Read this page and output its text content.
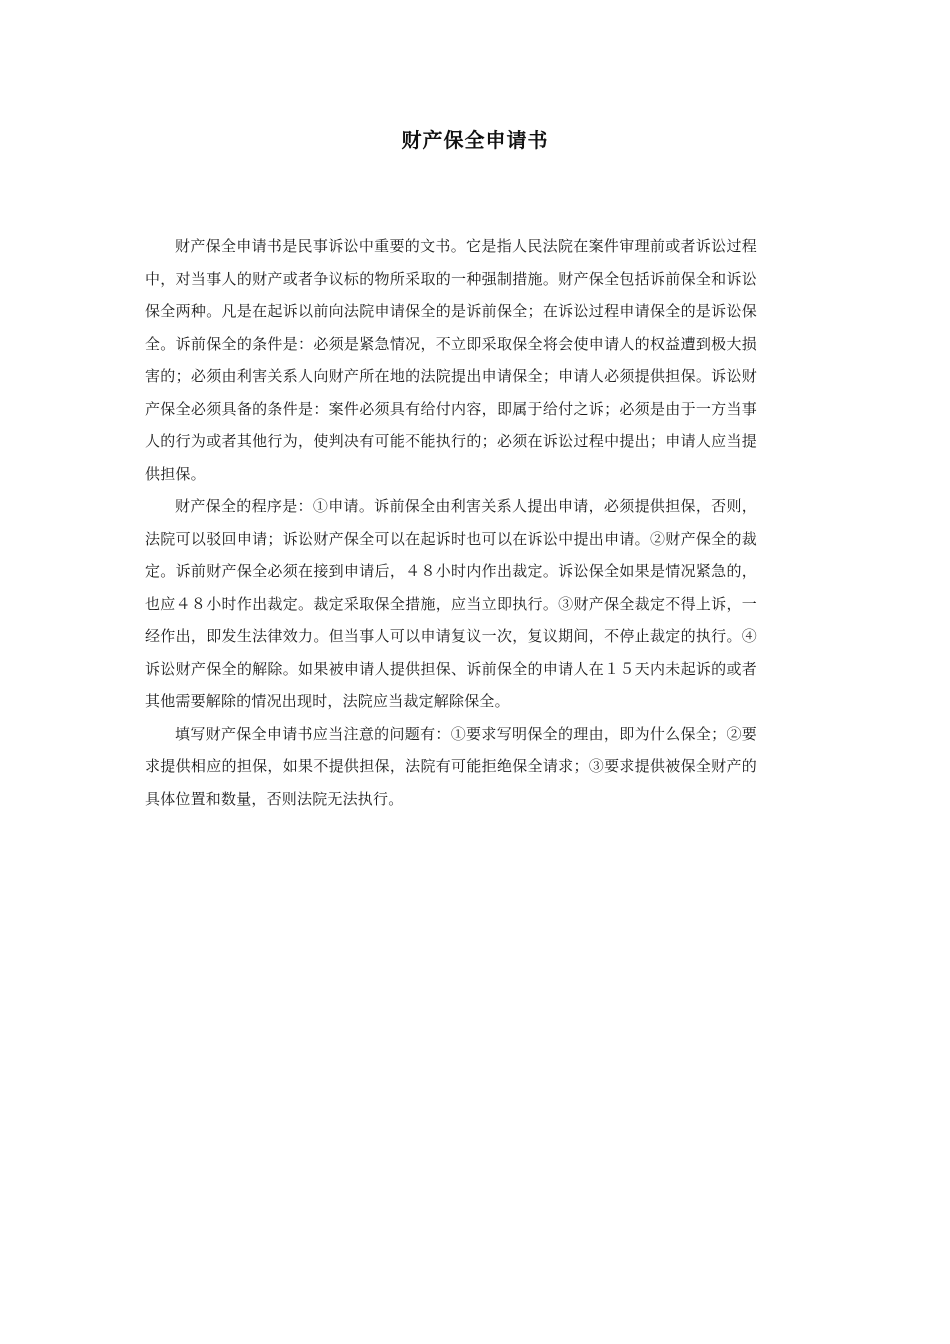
财产保全申请书

财产保全申请书是民事诉讼中重要的文书。它是指人民法院在案件审理前或者诉讼过程中，对当事人的财产或者争议标的物所采取的一种强制措施。财产保全包括诉前保全和诉讼保全两种。凡是在起诉以前向法院申请保全的是诉前保全；在诉讼过程申请保全的是诉讼保全。诉前保全的条件是：必须是紧急情况，不立即采取保全将会使申请人的权益遭到极大损害的；必须由利害关系人向财产所在地的法院提出申请保全；申请人必须提供担保。诉讼财产保全必须具备的条件是：案件必须具有给付内容，即属于给付之诉；必须是由于一方当事人的行为或者其他行为，使判决有可能不能执行的；必须在诉讼过程中提出；申请人应当提供担保。

财产保全的程序是：①申请。诉前保全由利害关系人提出申请，必须提供担保，否则，法院可以驳回申请；诉讼财产保全可以在起诉时也可以在诉讼中提出申请。②财产保全的裁定。诉前财产保全必须在接到申请后，４８小时内作出裁定。诉讼保全如果是情况紧急的，也应４８小时作出裁定。裁定采取保全措施，应当立即执行。③财产保全裁定不得上诉，一经作出，即发生法律效力。但当事人可以申请复议一次，复议期间，不停止裁定的执行。④诉讼财产保全的解除。如果被申请人提供担保、诉前保全的申请人在１５天内未起诉的或者其他需要解除的情况出现时，法院应当裁定解除保全。

填写财产保全申请书应当注意的问题有：①要求写明保全的理由，即为什么保全；②要求提供相应的担保，如果不提供担保，法院有可能拒绝保全请求；③要求提供被保全财产的具体位置和数量，否则法院无法执行。
